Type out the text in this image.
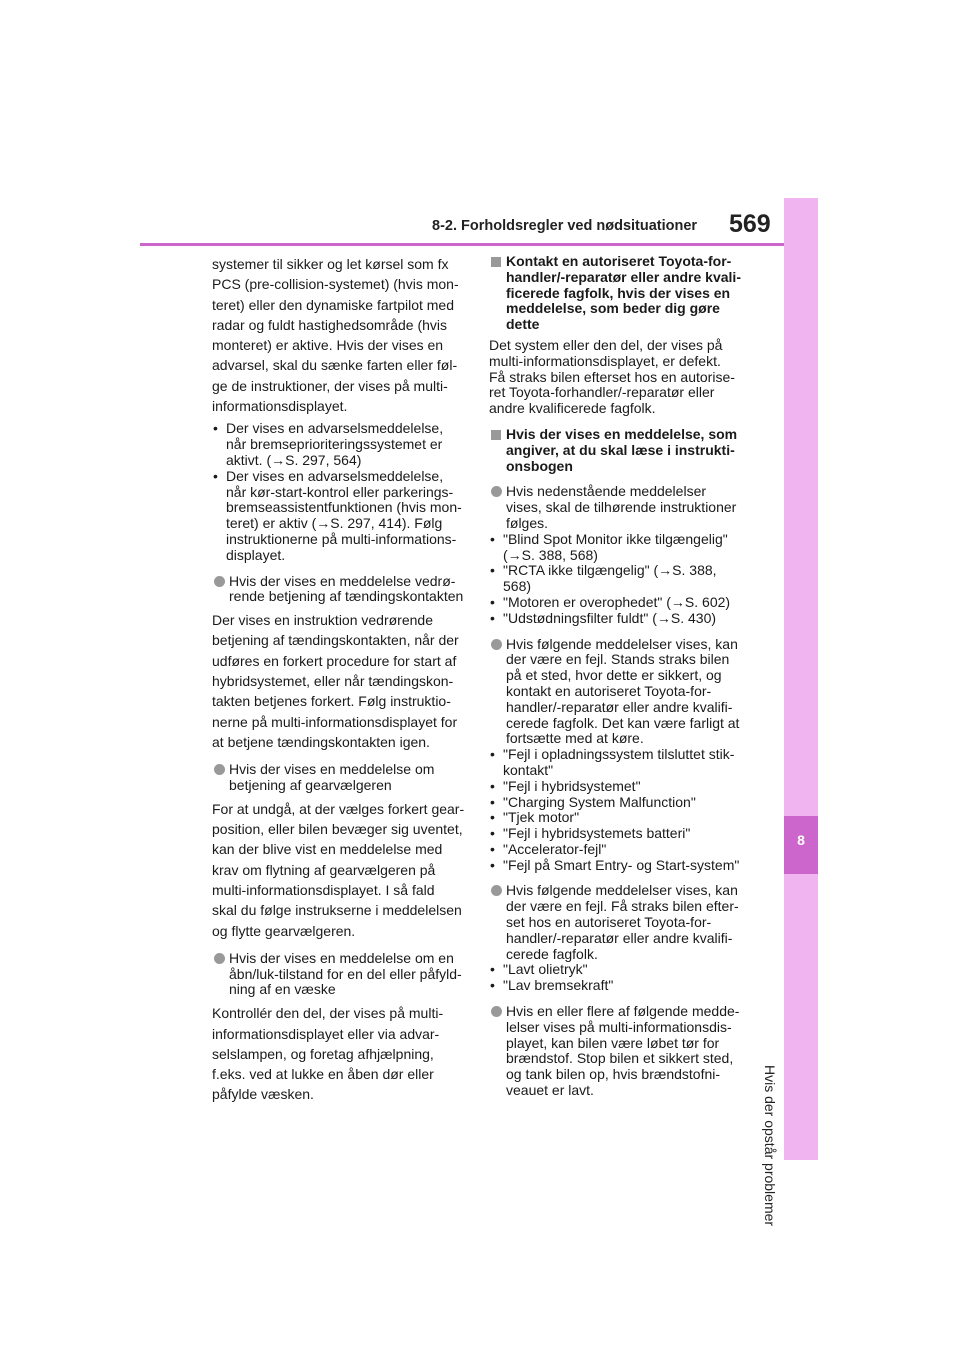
8-2. Forholdsregler ved nødsituationer 569
8
Hvis der opstår problemer

systemer til sikker og let kørsel som fx

PCS (pre-collision-systemet) (hvis mon-

teret) eller den dynamiske fartpilot med

radar og fuldt hastighedsområde (hvis

monteret) er aktive. Hvis der vises en

advarsel, skal du sænke farten eller føl-

ge de instruktioner, der vises på multi-

informationsdisplayet.

• Der vises en advarselsmeddelelse,
når bremseprioriteringssystemet er
aktivt. (→S. 297, 564)
• Der vises en advarselsmeddelelse,
når kør-start-kontrol eller parkerings-
bremseassistentfunktionen (hvis mon-
teret) er aktiv (→S. 297, 414). Følg
instruktionerne på multi-informations-
displayet.
Hvis der vises en meddelelse vedrø-
rende betjening af tændingskontakten

Der vises en instruktion vedrørende

betjening af tændingskontakten, når der

udføres en forkert procedure for start af

hybridsystemet, eller når tændingskon-

takten betjenes forkert. Følg instruktio-

nerne på multi-informationsdisplayet for

at betjene tændingskontakten igen.

Hvis der vises en meddelelse om
betjening af gearvælgeren

For at undgå, at der vælges forkert gear-

position, eller bilen bevæger sig uventet,

kan der blive vist en meddelelse med

krav om flytning af gearvælgeren på

multi-informationsdisplayet. I så fald

skal du følge instrukserne i meddelelsen

og flytte gearvælgeren.

Hvis der vises en meddelelse om en
åbn/luk-tilstand for en del eller påfyld-
ning af en væske

Kontrollér den del, der vises på multi-

informationsdisplayet eller via advar-

selslampen, og foretag afhjælpning,

f.eks. ved at lukke en åben dør eller

påfylde væsken.

Kontakt en autoriseret Toyota-for-
handler/-reparatør eller andre kvali-
ficerede fagfolk, hvis der vises en
meddelelse, som beder dig gøre
dette

Det system eller den del, der vises på

multi-informationsdisplayet, er defekt.

Få straks bilen efterset hos en autorise-

ret Toyota-forhandler/-reparatør eller

andre kvalificerede fagfolk.

Hvis der vises en meddelelse, som
angiver, at du skal læse i instrukti-
onsbogen
Hvis nedenstående meddelelser
vises, skal de tilhørende instruktioner
følges.
• "Blind Spot Monitor ikke tilgængelig"
(→S. 388, 568)
• "RCTA ikke tilgængelig" (→S. 388,
568)
• "Motoren er overophedet" (→S. 602)
• "Udstødningsfilter fuldt" (→S. 430)
Hvis følgende meddelelser vises, kan
der være en fejl. Stands straks bilen
på et sted, hvor dette er sikkert, og
kontakt en autoriseret Toyota-for-
handler/-reparatør eller andre kvalifi-
cerede fagfolk. Det kan være farligt at
fortsætte med at køre.
• "Fejl i opladningssystem tilsluttet stik-
kontakt"
• "Fejl i hybridsystemet"
• "Charging System Malfunction"
• "Tjek motor"
• "Fejl i hybridsystemets batteri"
• "Accelerator-fejl"
• "Fejl på Smart Entry- og Start-system"
Hvis følgende meddelelser vises, kan
der være en fejl. Få straks bilen efter-
set hos en autoriseret Toyota-for-
handler/-reparatør eller andre kvalifi-
cerede fagfolk.
• "Lavt olietryk"
• "Lav bremsekraft"
Hvis en eller flere af følgende medde-
lelser vises på multi-informationsdis-
playet, kan bilen være løbet tør for
brændstof. Stop bilen et sikkert sted,
og tank bilen op, hvis brændstofni-
veauet er lavt.
